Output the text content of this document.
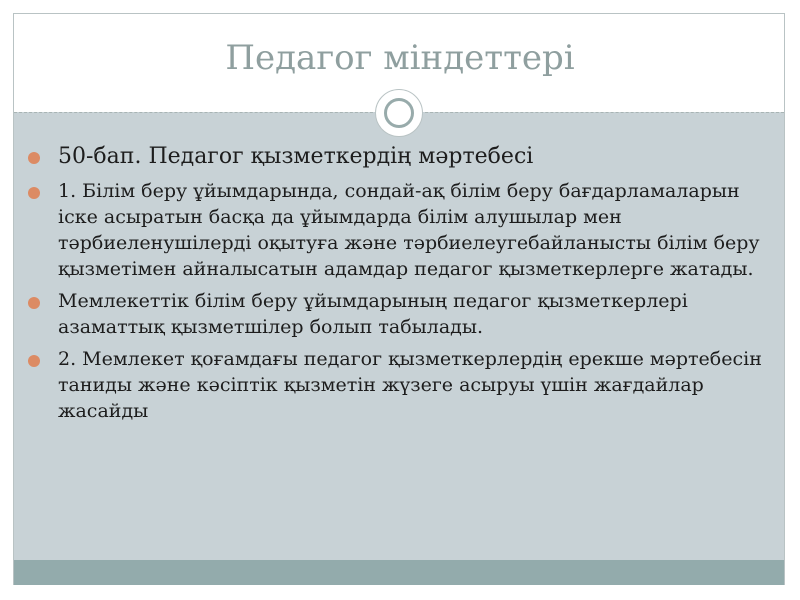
Педагог міндеттері
50-бап. Педагог қызметкердің мәртебесі
1. Білім беру ұйымдарында, сондай-ақ білім беру бағдарламаларын іске асыратын басқа да ұйымдарда білім алушылар мен тәрбиеленушілерді оқытуға және тәрбиелеугебайланысты білім беру қызметімен айналысатын адамдар педагог қызметкерлерге жатады.
Мемлекеттік білім беру ұйымдарының педагог қызметкерлері азаматтық қызметшілер болып табылады.
2. Мемлекет қоғамдағы педагог қызметкерлердің ерекше мәртебесін таниды және кәсіптік қызметін жүзеге асыруы үшін жағдайлар жасайды
